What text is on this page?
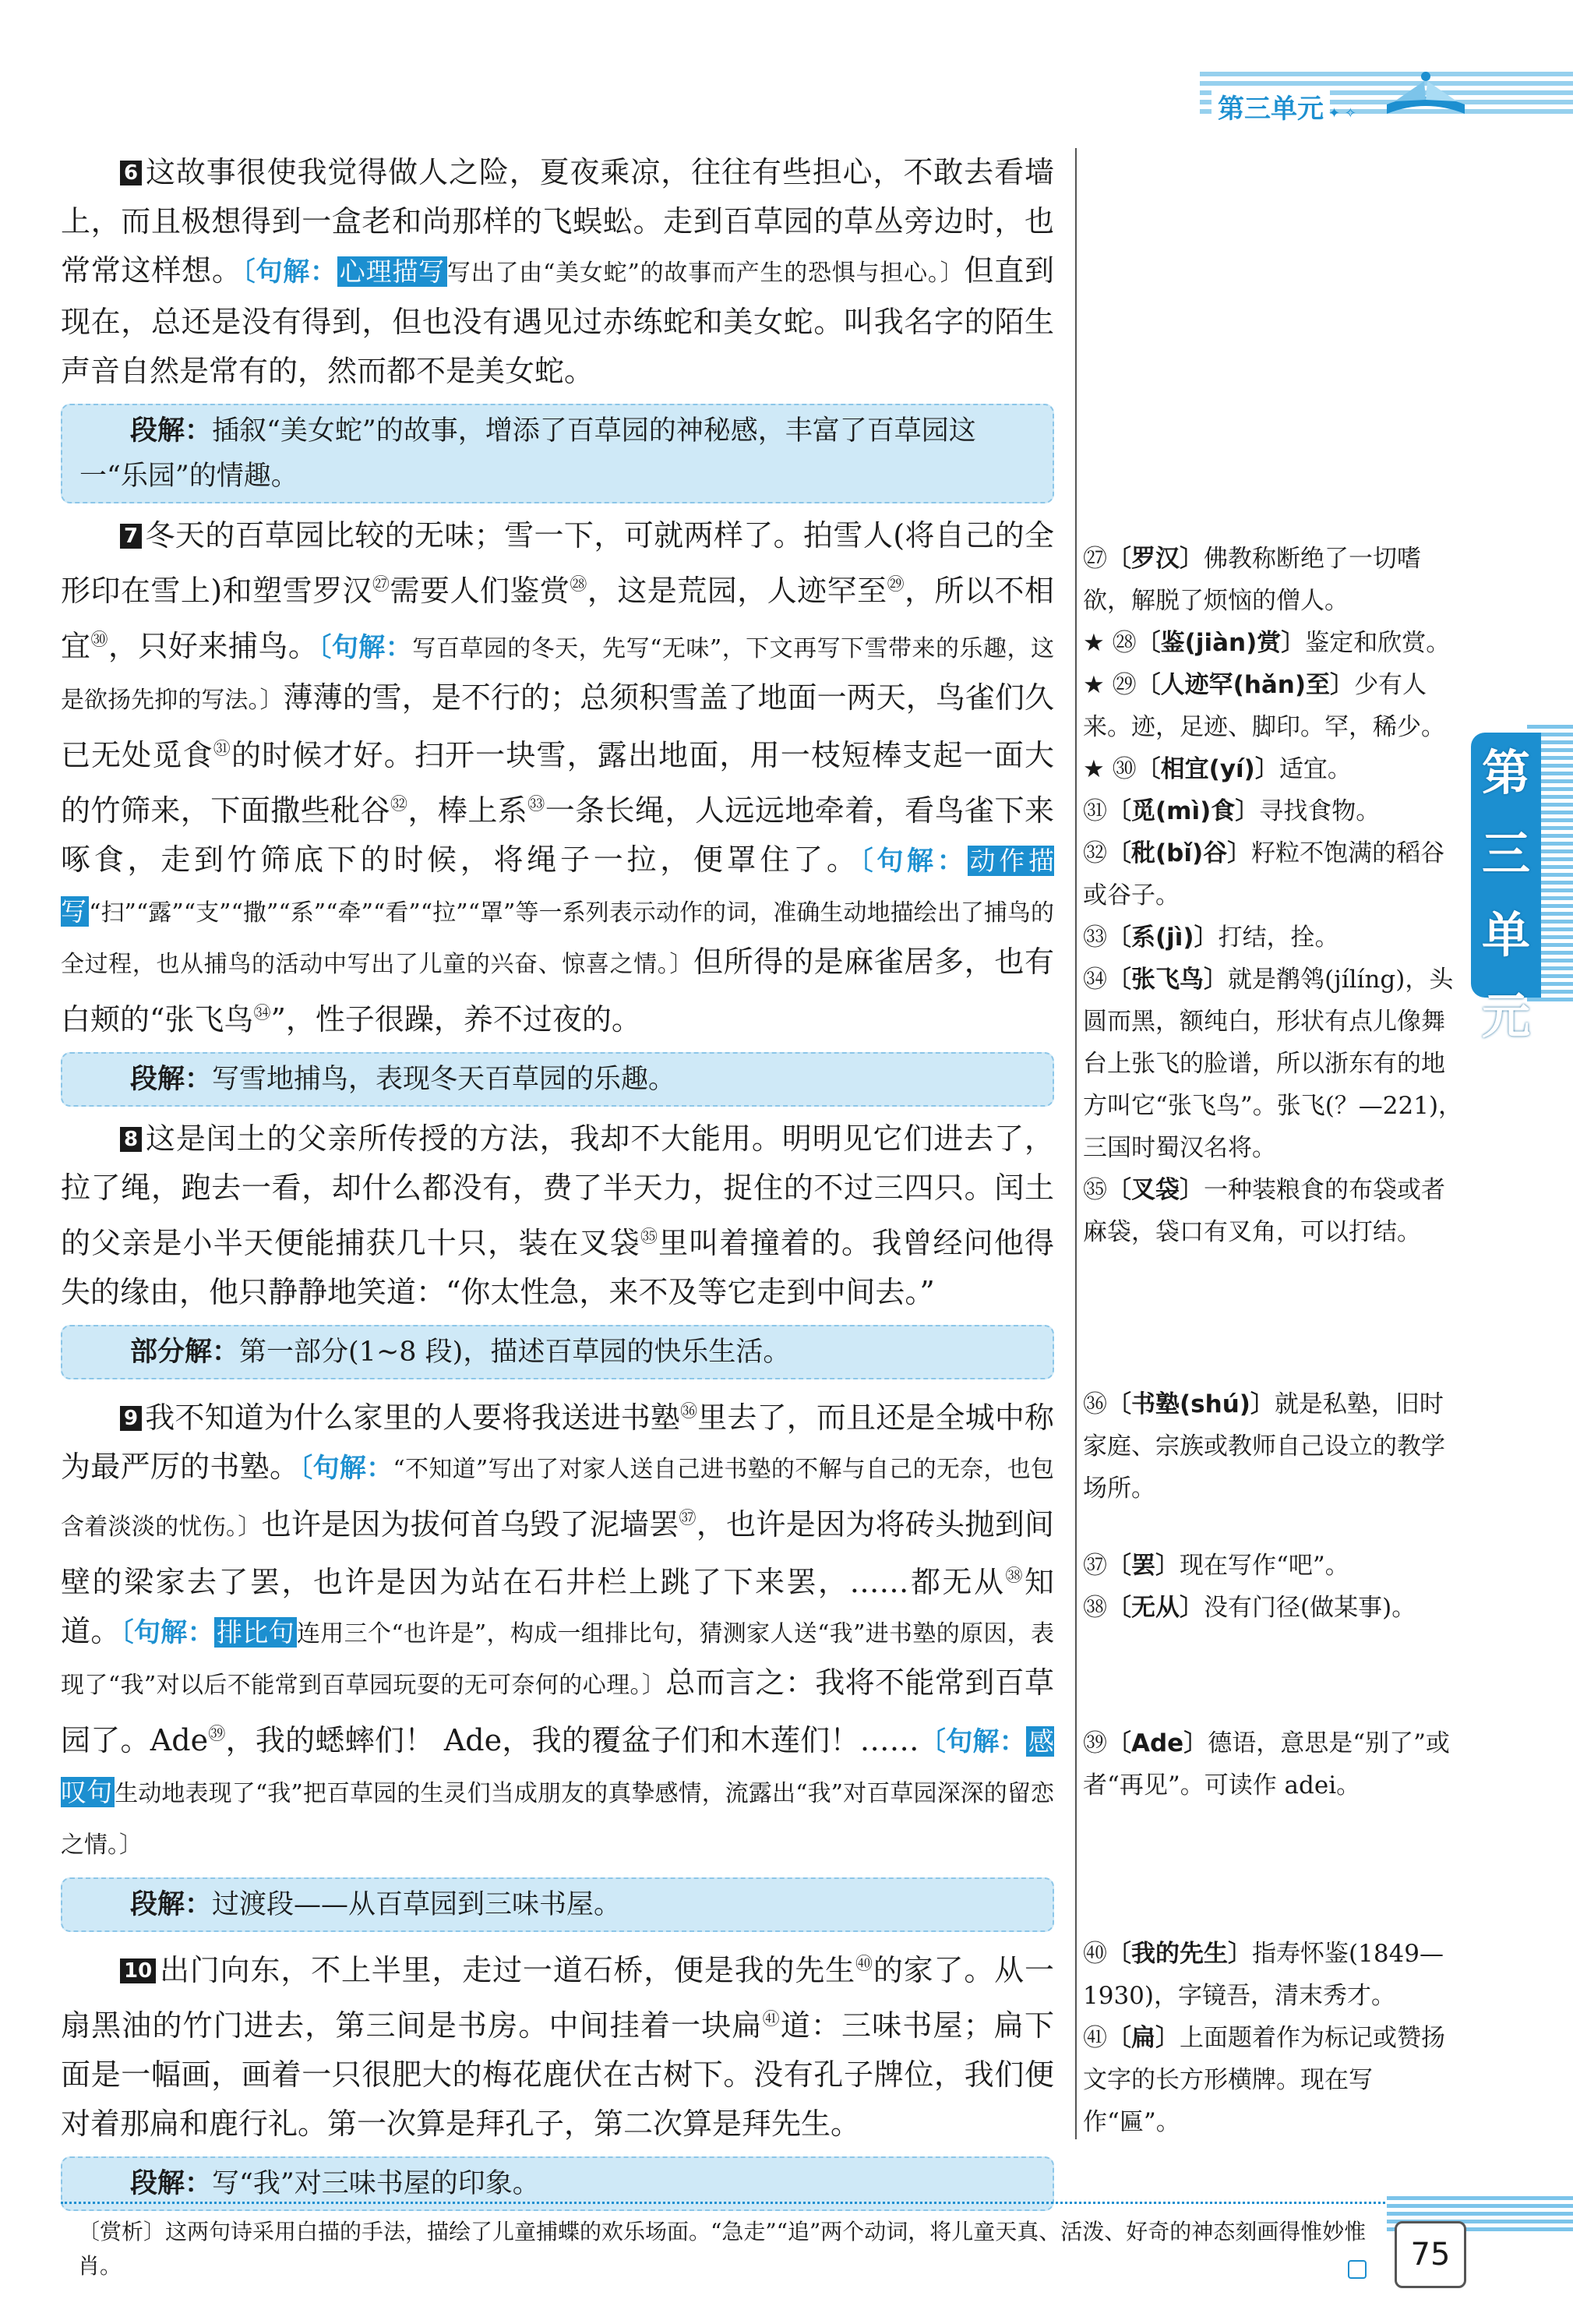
第三单元 ✦ ✧

6 这故事很使我觉得做人之险，夏夜乘凉，往往有些担心，不敢去看墙上，而且极想得到一盒老和尚那样的飞蜈蚣。走到百草园的草丛旁边时，也常常这样想。〔句解：心理描写 写出了由“美女蛇”的故事而产生的恐惧与担心。〕但直到现在，总还是没有得到，但也没有遇见过赤练蛇和美女蛇。叫我名字的陌生声音自然是常有的，然而都不是美女蛇。

段解：插叙“美女蛇”的故事，增添了百草园的神秘感，丰富了百草园这一“乐园”的情趣。

7 冬天的百草园比较的无味；雪一下，可就两样了。拍雪人(将自己的全形印在雪上)和塑雪罗汉$^㉗$需要人们鉴赏$^㉘$，这是荒园，人迹罕至$^㉙$，所以不相宜$^㉚$，只好来捕鸟。〔句解：写百草园的冬天，先写“无味”，下文再写下雪带来的乐趣，这是欲扬先抑的写法。〕薄薄的雪，是不行的；总须积雪盖了地面一两天，鸟雀们久已无处觅食$^㉛$的时候才好。扫开一块雪，露出地面，用一枝短棒支起一面大的竹筛来，下面撒些秕谷$^㉜$，棒上系$^㉝$一条长绳，人远远地牵着，看鸟雀下来啄食，走到竹筛底下的时候，将绳子一拉，便罩住了。〔句解：动作描写 “扫”“露”“支”“撒”“系”“牵”“看”“拉”“罩”等一系列表示动作的词，准确生动地描绘出了捕鸟的全过程，也从捕鸟的活动中写出了儿童的兴奋、惊喜之情。〕但所得的是麻雀居多，也有白颊的“张飞鸟$^㉞$”，性子很躁，养不过夜的。

段解：写雪地捕鸟，表现冬天百草园的乐趣。

8 这是闰土的父亲所传授的方法，我却不大能用。明明见它们进去了，拉了绳，跑去一看，却什么都没有，费了半天力，捉住的不过三四只。闰土的父亲是小半天便能捕获几十只，装在叉袋$^㉟$里叫着撞着的。我曾经问他得失的缘由，他只静静地笑道：“你太性急，来不及等它走到中间去。”

部分解：第一部分(1~8 段)，描述百草园的快乐生活。

9 我不知道为什么家里的人要将我送进书塾$^㊱$里去了，而且还是全城中称为最严厉的书塾。〔句解：“不知道”写出了对家人送自己进书塾的不解与自己的无奈，也包含着淡淡的忧伤。〕也许是因为拔何首乌毁了泥墙罢$^㊲$，也许是因为将砖头抛到间壁的梁家去了罢，也许是因为站在石井栏上跳了下来罢，……都无从$^㊳$知道。〔句解：排比句 连用三个“也许是”，构成一组排比句，猜测家人送“我”进书塾的原因，表现了“我”对以后不能常到百草园玩耍的无可奈何的心理。〕总而言之：我将不能常到百草园了。Ade$^㊴$，我的蟋蟀们！ Ade，我的覆盆子们和木莲们！……〔句解：感叹句 生动地表现了“我”把百草园的生灵们当成朋友的真挚感情，流露出“我”对百草园深深的留恋之情。〕

段解：过渡段——从百草园到三味书屋。

10 出门向东，不上半里，走过一道石桥，便是我的先生$^㊵$的家了。从一扇黑油的竹门进去，第三间是书房。中间挂着一块扁$^㊶$道：三味书屋；扁下面是一幅画，画着一只很肥大的梅花鹿伏在古树下。没有孔子牌位，我们便对着那扁和鹿行礼。第一次算是拜孔子，第二次算是拜先生。

段解：写“我”对三味书屋的印象。

㉗〔罗汉〕佛教称断绝了一切嗜欲，解脱了烦恼的僧人。

★ ㉘〔鉴(jiàn)赏〕鉴定和欣赏。

★ ㉙〔人迹罕(hǎn)至〕少有人来。迹，足迹、脚印。罕，稀少。

★ ㉚〔相宜(yí)〕适宜。

㉛〔觅(mì)食〕寻找食物。

㉜〔秕(bǐ)谷〕籽粒不饱满的稻谷或谷子。

㉝〔系(jì)〕打结，拴。

㉞〔张飞鸟〕就是鹡鸰(jílíng)，头圆而黑，额纯白，形状有点儿像舞台上张飞的脸谱，所以浙东有的地方叫它“张飞鸟”。张飞(？—221)，三国时蜀汉名将。

㉟〔叉袋〕一种装粮食的布袋或者麻袋，袋口有叉角，可以打结。

㊱〔书塾(shú)〕就是私塾，旧时家庭、宗族或教师自己设立的教学场所。

㊲〔罢〕现在写作“吧”。

㊳〔无从〕没有门径(做某事)。

㊴〔Ade〕德语，意思是“别了”或者“再见”。可读作 adei。

㊵〔我的先生〕指寿怀鉴(1849—1930)，字镜吾，清末秀才。

㊶〔扁〕上面题着作为标记或赞扬文字的长方形横牌。现在写作“匾”。

第
三
单
元
〔赏析〕这两句诗采用白描的手法，描绘了儿童捕蝶的欢乐场面。“急走”“追”两个动词，将儿童天真、活泼、好奇的神态刻画得惟妙惟肖。	75
